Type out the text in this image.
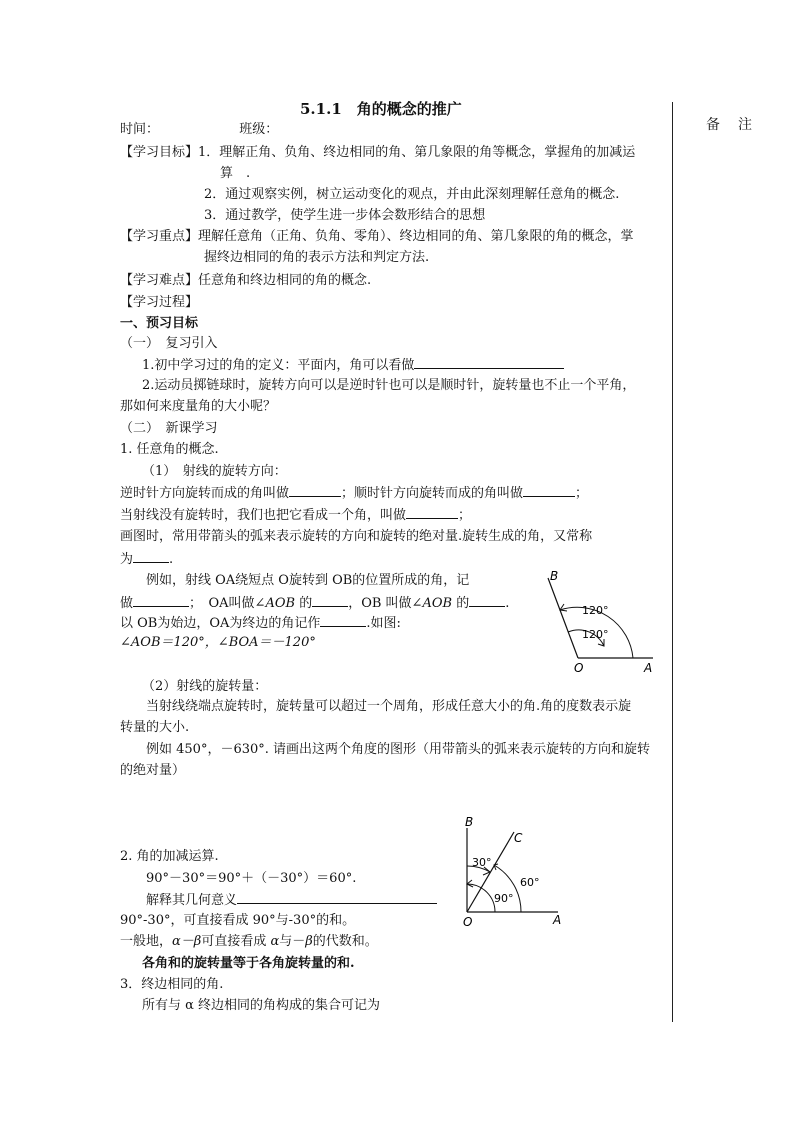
5.1.1　角的概念的推广
备注
时间：	班级：
【学习目标】1．理解正角、负角、终边相同的角、第几象限的角等概念，掌握角的加减运
算　.
2．通过观察实例，树立运动变化的观点，并由此深刻理解任意角的概念.
3．通过教学，使学生进一步体会数形结合的思想
【学习重点】理解任意角（正角、负角、零角）、终边相同的角、第几象限的角的概念，掌
握终边相同的角的表示方法和判定方法.
【学习难点】任意角和终边相同的角的概念.
【学习过程】
一、预习目标
（一）　复习引入
1.初中学习过的角的定义：平面内，角可以看做
2.运动员掷链球时，旋转方向可以是逆时针也可以是顺时针，旋转量也不止一个平角，
那如何来度量角的大小呢？
（二）　新课学习
1. 任意角的概念.
（1）　射线的旋转方向：
逆时针方向旋转而成的角叫做	；顺时针方向旋转而成的角叫做	；
当射线没有旋转时，我们也把它看成一个角，叫做	；
画图时，常用带箭头的弧来表示旋转的方向和旋转的绝对量.旋转生成的角，又常称
为	.
例如，射线 OA绕短点 O旋转到 OB的位置所成的角，记
做	；　OA叫做∠AOB 的	，OB 叫做∠AOB 的	.
以 OB为始边，OA为终边的角记作	.如图:
∠AOB＝120°，∠BOA＝－120°
B
O	A
120°
120°
（2）射线的旋转量：
当射线绕端点旋转时，旋转量可以超过一个周角，形成任意大小的角.角的度数表示旋
转量的大小.
例如 450°，－630°. 请画出这两个角度的图形（用带箭头的弧来表示旋转的方向和旋转
的绝对量）
2. 角的加减运算.
90°－30°＝90°＋（－30°）＝60°.
解释其几何意义
90°-30°，可直接看成 90°与-30°的和。
一般地，α－β可直接看成 α与－β的代数和。
各角和的旋转量等于各角旋转量的和.
B
C
O	A
30°
60°
90°
3．终边相同的角.
所有与 α 终边相同的角构成的集合可记为
